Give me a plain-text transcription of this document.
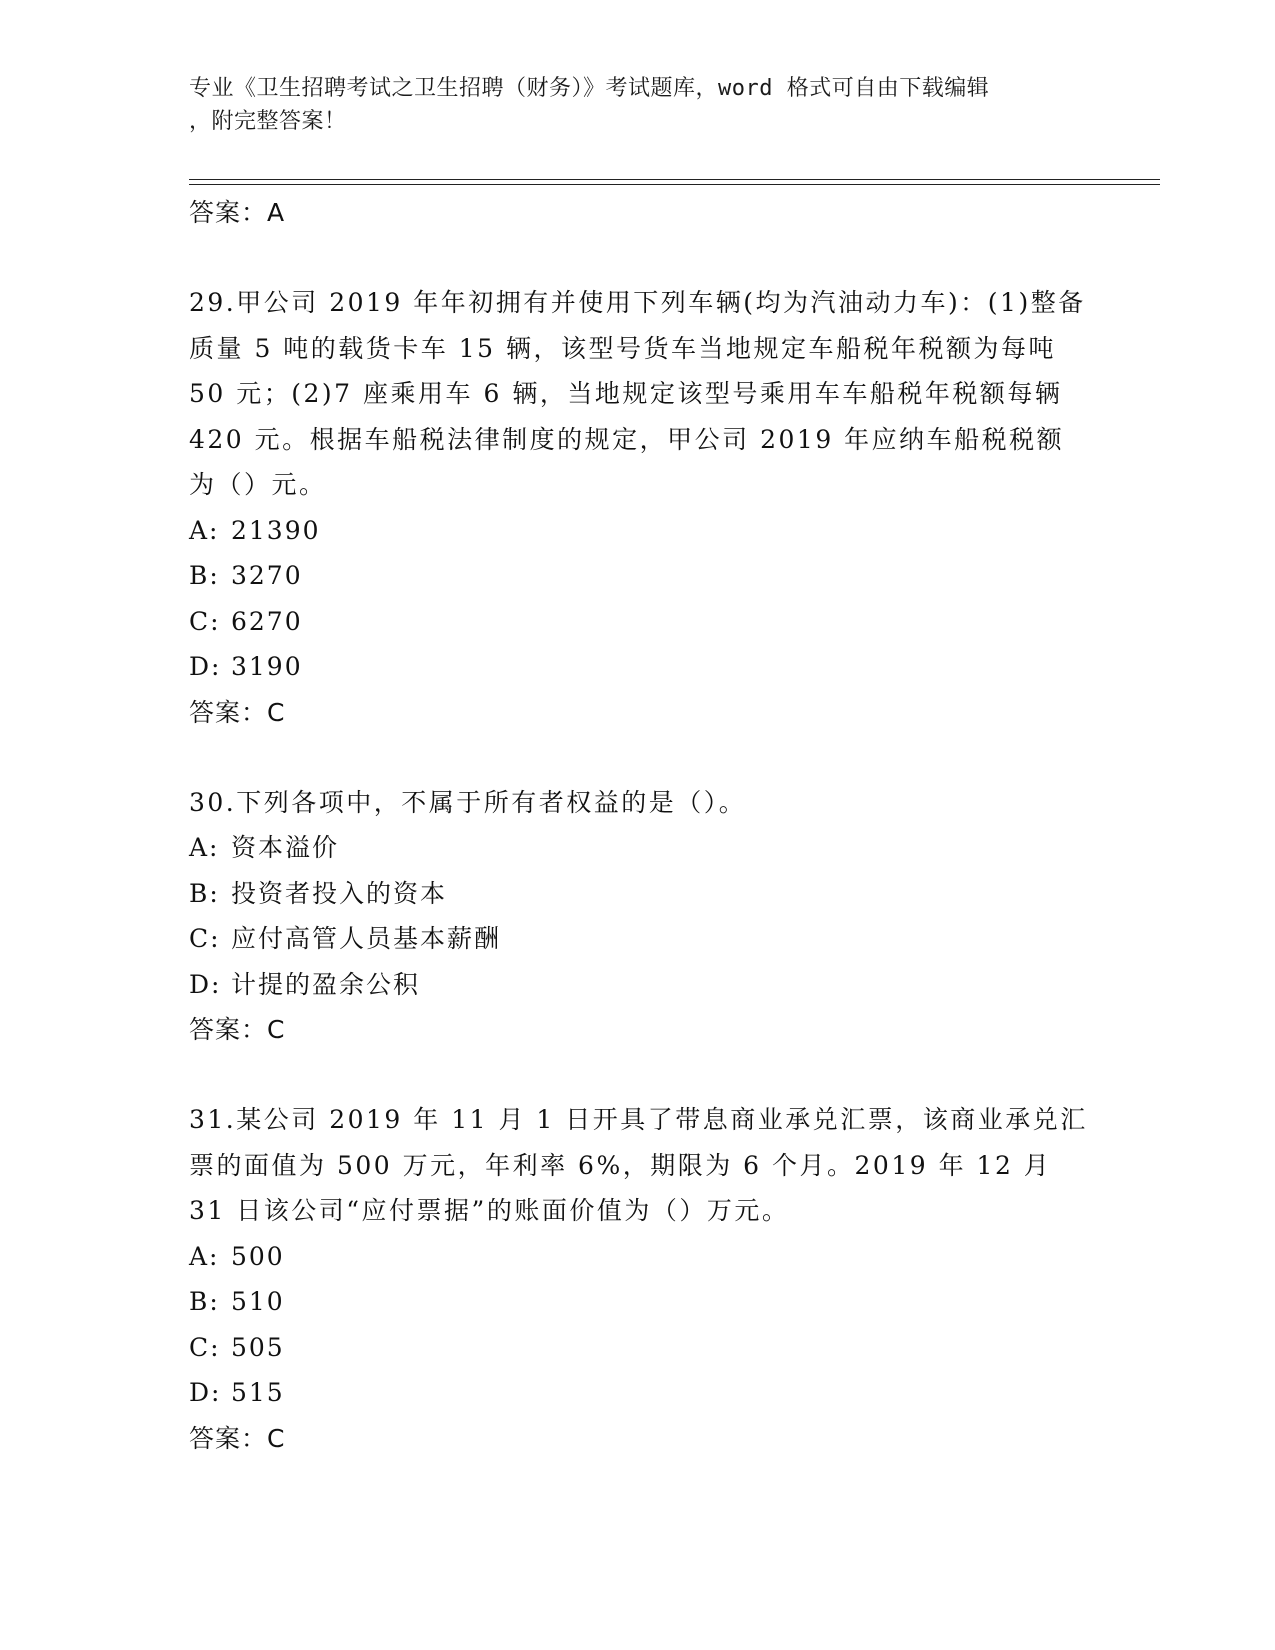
专业《卫生招聘考试之卫生招聘（财务）》考试题库，word 格式可自由下载编辑
，附完整答案！
答案：A

29.甲公司 2019 年年初拥有并使用下列车辆(均为汽油动力车)：(1)整备质量 5 吨的载货卡车 15 辆，该型号货车当地规定车船税年税额为每吨 50 元；(2)7 座乘用车 6 辆，当地规定该型号乘用车车船税年税额每辆 420 元。根据车船税法律制度的规定，甲公司 2019 年应纳车船税税额为（）元。

A: 21390
B: 3270
C: 6270
D: 3190
答案：C

30.下列各项中，不属于所有者权益的是（）。

A: 资本溢价
B: 投资者投入的资本
C: 应付高管人员基本薪酬
D: 计提的盈余公积
答案：C

31.某公司 2019 年 11 月 1 日开具了带息商业承兑汇票，该商业承兑汇票的面值为 500 万元，年利率 6%，期限为 6 个月。2019 年 12 月 31 日该公司“应付票据”的账面价值为（）万元。

A: 500
B: 510
C: 505
D: 515
答案：C
